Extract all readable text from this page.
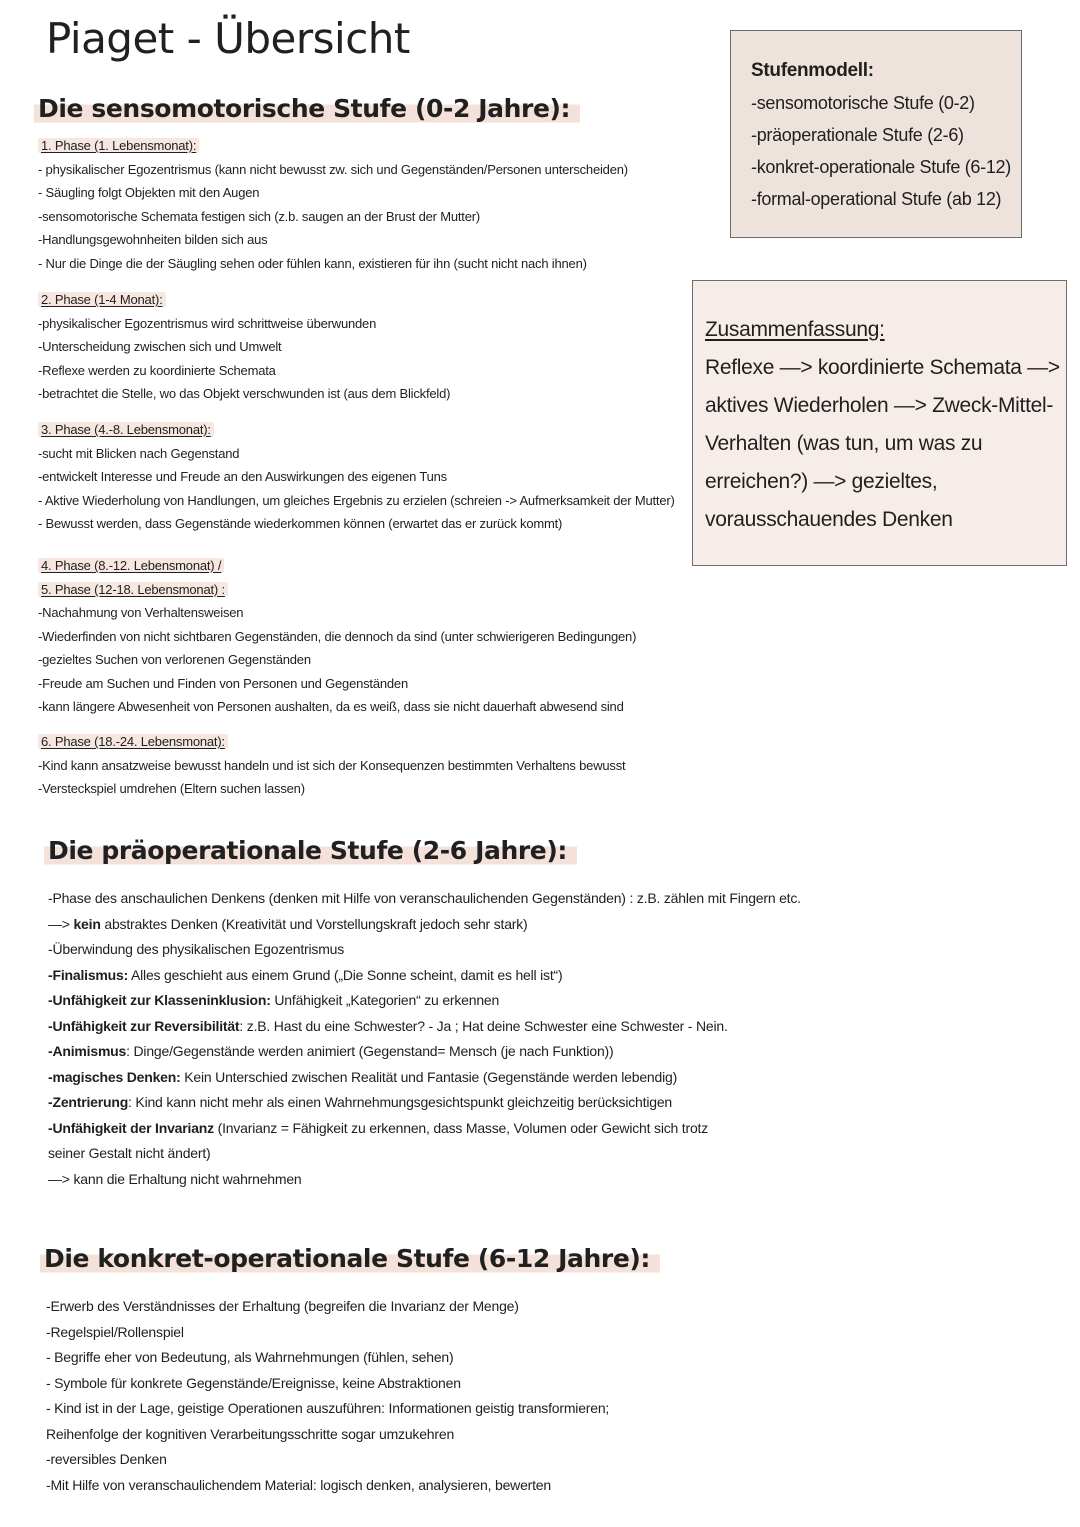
Piaget - Übersicht
Stufenmodell:
-sensomotorische Stufe (0-2)
-präoperationale Stufe (2-6)
-konkret-operationale Stufe (6-12)
-formal-operational Stufe (ab 12)
Zusammenfassung:
Reflexe —> koordinierte Schemata —>
aktives Wiederholen —> Zweck-Mittel-
Verhalten (was tun, um was zu
erreichen?) —> gezieltes,
vorausschauendes Denken
Die sensomotorische Stufe (0-2 Jahre):
1. Phase (1. Lebensmonat):
- physikalischer Egozentrismus (kann nicht bewusst zw. sich und Gegenständen/Personen unterscheiden)
- Säugling folgt Objekten mit den Augen
-sensomotorische Schemata festigen sich (z.b. saugen an der Brust der Mutter)
-Handlungsgewohnheiten bilden sich aus
- Nur die Dinge die der Säugling sehen oder fühlen kann, existieren für ihn (sucht nicht nach ihnen)
2. Phase (1-4 Monat):
-physikalischer Egozentrismus wird schrittweise überwunden
-Unterscheidung zwischen sich und Umwelt
-Reflexe werden zu koordinierte Schemata
-betrachtet die Stelle, wo das Objekt verschwunden ist (aus dem Blickfeld)
3. Phase (4.-8. Lebensmonat):
-sucht mit Blicken nach Gegenstand
-entwickelt Interesse und Freude an den Auswirkungen des eigenen Tuns
- Aktive Wiederholung von Handlungen, um gleiches Ergebnis zu erzielen (schreien -> Aufmerksamkeit der Mutter)
- Bewusst werden, dass Gegenstände wiederkommen können (erwartet das er zurück kommt)
4. Phase (8.-12. Lebensmonat) /
5. Phase (12-18. Lebensmonat) :
-Nachahmung von Verhaltensweisen
-Wiederfinden von nicht sichtbaren Gegenständen, die dennoch da sind (unter schwierigeren Bedingungen)
-gezieltes Suchen von verlorenen Gegenständen
-Freude am Suchen und Finden von Personen und Gegenständen
-kann längere Abwesenheit von Personen aushalten, da es weiß, dass sie nicht dauerhaft abwesend sind
6. Phase (18.-24. Lebensmonat):
-Kind kann ansatzweise bewusst handeln und ist sich der Konsequenzen bestimmten Verhaltens bewusst
-Versteckspiel umdrehen (Eltern suchen lassen)
Die präoperationale Stufe (2-6 Jahre):
-Phase des anschaulichen Denkens (denken mit Hilfe von veranschaulichenden Gegenständen) : z.B. zählen mit Fingern etc.
—> kein abstraktes Denken (Kreativität und Vorstellungskraft jedoch sehr stark)
-Überwindung des physikalischen Egozentrismus
-Finalismus: Alles geschieht aus einem Grund („Die Sonne scheint, damit es hell ist“)
-Unfähigkeit zur Klasseninklusion: Unfähigkeit „Kategorien“ zu erkennen
-Unfähigkeit zur Reversibilität: z.B. Hast du eine Schwester? - Ja ; Hat deine Schwester eine Schwester - Nein.
-Animismus: Dinge/Gegenstände werden animiert (Gegenstand= Mensch (je nach Funktion))
-magisches Denken: Kein Unterschied zwischen Realität und Fantasie (Gegenstände werden lebendig)
-Zentrierung: Kind kann nicht mehr als einen Wahrnehmungsgesichtspunkt gleichzeitig berücksichtigen
-Unfähigkeit der Invarianz (Invarianz = Fähigkeit zu erkennen, dass Masse, Volumen oder Gewicht sich trotz
seiner Gestalt nicht ändert)
—> kann die Erhaltung nicht wahrnehmen
Die konkret-operationale Stufe (6-12 Jahre):
-Erwerb des Verständnisses der Erhaltung (begreifen die Invarianz der Menge)
-Regelspiel/Rollenspiel
- Begriffe eher von Bedeutung, als Wahrnehmungen (fühlen, sehen)
- Symbole für konkrete Gegenstände/Ereignisse, keine Abstraktionen
- Kind ist in der Lage, geistige Operationen auszuführen: Informationen geistig transformieren;
Reihenfolge der kognitiven Verarbeitungsschritte sogar umzukehren
-reversibles Denken
-Mit Hilfe von veranschaulichendem Material: logisch denken, analysieren, bewerten
